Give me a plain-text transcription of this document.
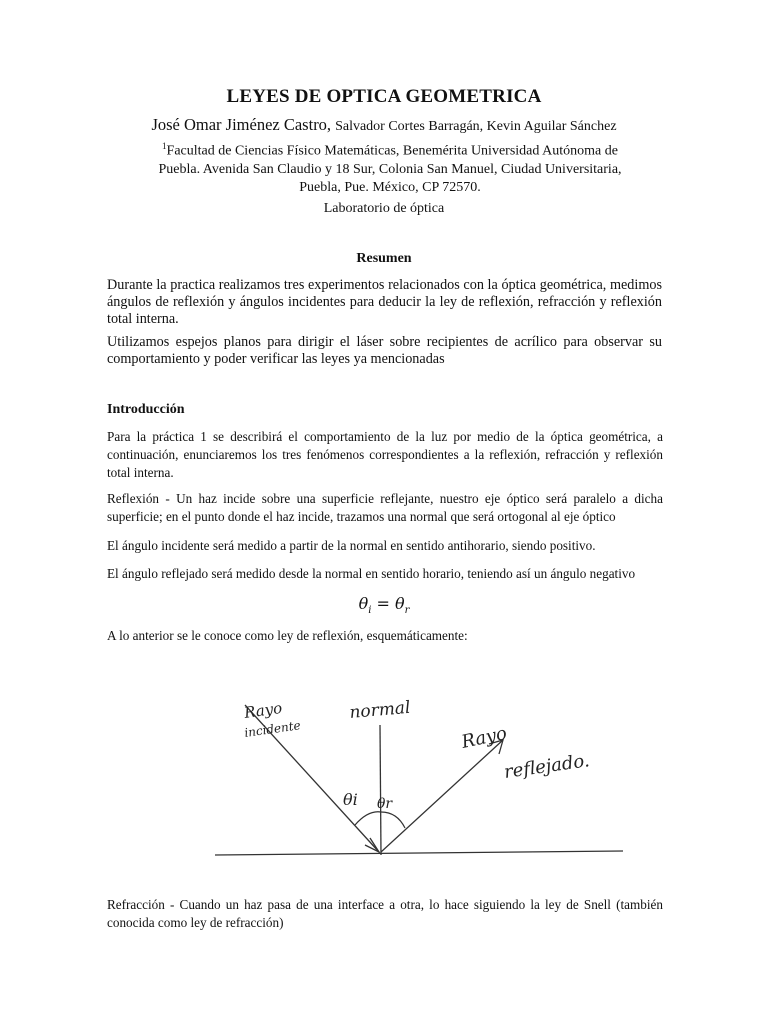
LEYES DE OPTICA GEOMETRICA
José Omar Jiménez Castro, Salvador Cortes Barragán, Kevin Aguilar Sánchez
$^1$Facultad de Ciencias Físico Matemáticas, Benemérita Universidad Autónoma de Puebla. Avenida San Claudio y 18 Sur, Colonia San Manuel, Ciudad Universitaria, Puebla, Pue. México, CP 72570.
Laboratorio de óptica
Resumen
Durante la practica realizamos tres experimentos relacionados con la óptica geométrica, medimos ángulos de reflexión y ángulos incidentes para deducir la ley de reflexión, refracción y reflexión total interna.
Utilizamos espejos planos para dirigir el láser sobre recipientes de acrílico para observar su comportamiento y poder verificar las leyes ya mencionadas
Introducción
Para la práctica 1 se describirá el comportamiento de la luz por medio de la óptica geométrica, a continuación, enunciaremos los tres fenómenos correspondientes a la reflexión, refracción y reflexión total interna.
Reflexión - Un haz incide sobre una superficie reflejante, nuestro eje óptico será paralelo a dicha superficie; en el punto donde el haz incide, trazamos una normal que será ortogonal al eje óptico
El ángulo incidente será medido a partir de la normal en sentido antihorario, siendo positivo.
El ángulo reflejado será medido desde la normal en sentido horario, teniendo así un ángulo negativo
$\theta_i = \theta_r$
A lo anterior se le conoce como ley de reflexión, esquemáticamente:
Rayo
incidente
normal
Rayo
reflejado.
θi θr
Refracción - Cuando un haz pasa de una interface a otra, lo hace siguiendo la ley de Snell (también conocida como ley de refracción)
